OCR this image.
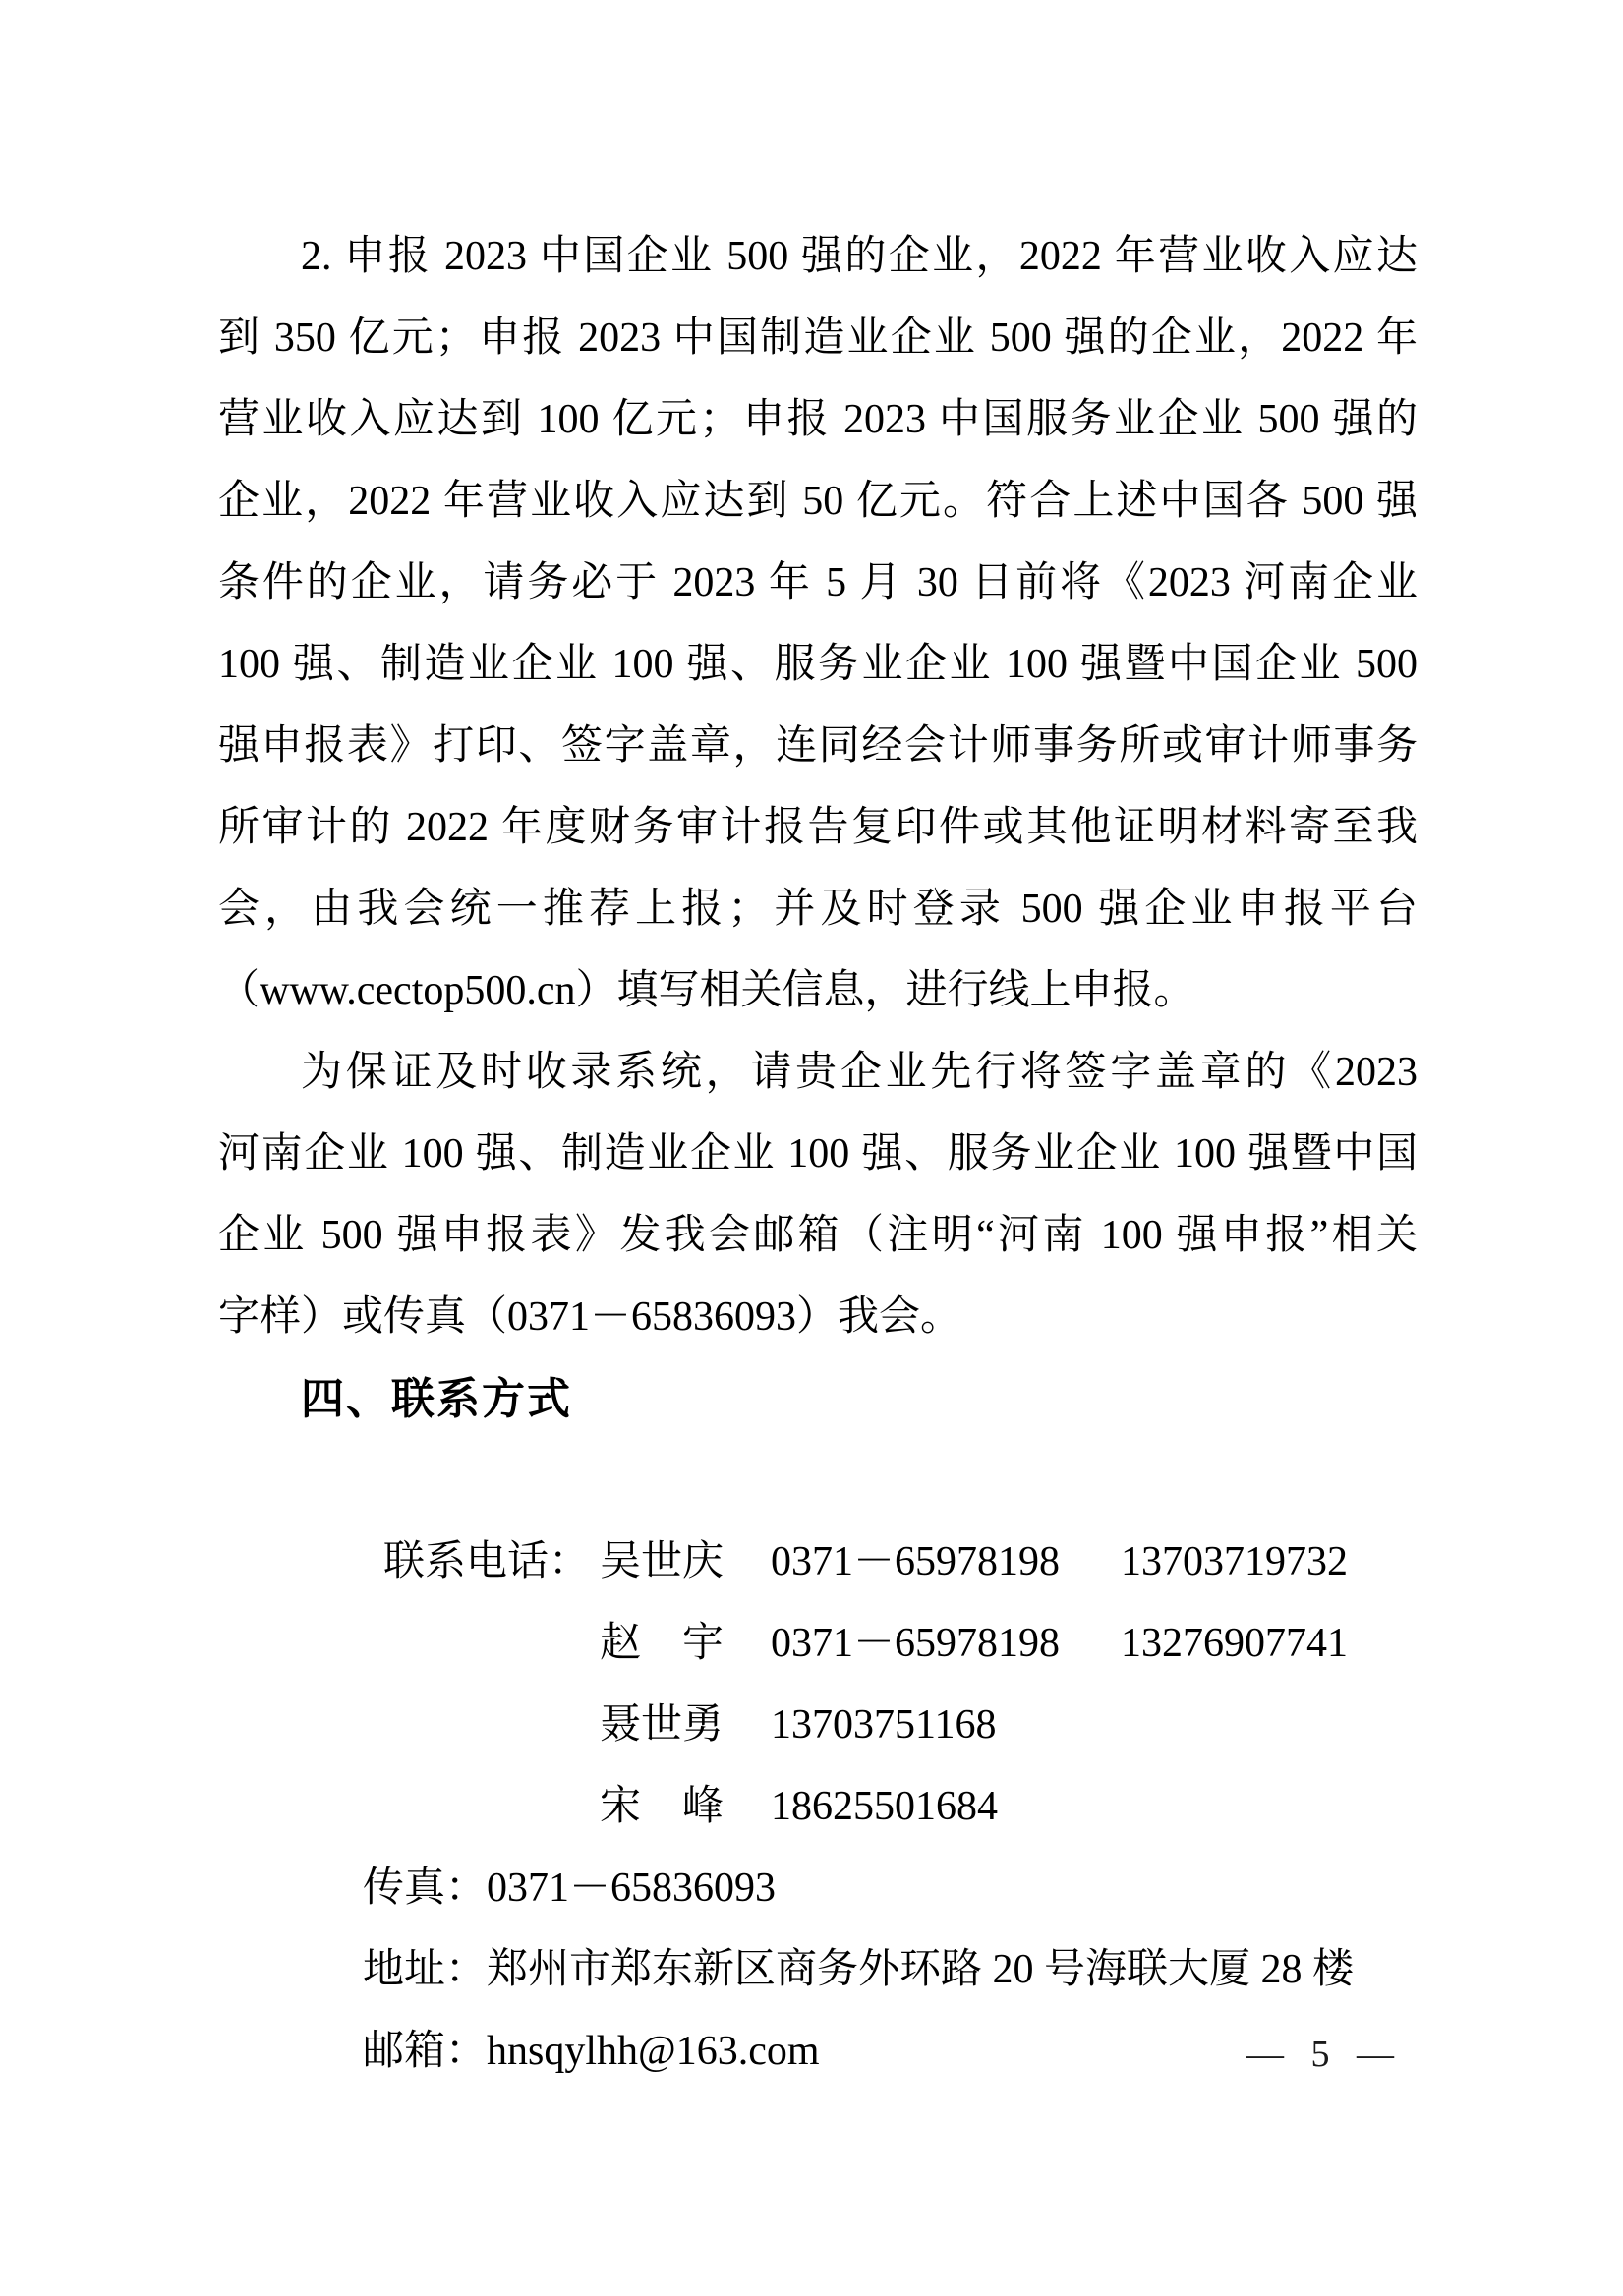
2. 申报 2023 中国企业 500 强的企业，2022 年营业收入应达
到 350 亿元；申报 2023 中国制造业企业 500 强的企业，2022 年
营业收入应达到 100 亿元；申报 2023 中国服务业企业 500 强的
企业，2022 年营业收入应达到 50 亿元。符合上述中国各 500 强
条件的企业，请务必于 2023 年 5 月 30 日前将《2023 河南企业
100 强、制造业企业 100 强、服务业企业 100 强暨中国企业 500
强申报表》打印、签字盖章，连同经会计师事务所或审计师事务
所审计的 2022 年度财务审计报告复印件或其他证明材料寄至我
会，由我会统一推荐上报；并及时登录 500 强企业申报平台
（www.cectop500.cn）填写相关信息，进行线上申报。
为保证及时收录系统，请贵企业先行将签字盖章的《2023
河南企业 100 强、制造业企业 100 强、服务业企业 100 强暨中国
企业 500 强申报表》发我会邮箱（注明“河南 100 强申报”相关
字样）或传真（0371－65836093）我会。
四、联系方式

联系电话： 吴世庆 0371－65978198 13703719732

赵　宇 0371－65978198 13276907741

聂世勇 13703751168

宋　峰 18625501684

传真：0371－65836093

地址：郑州市郑东新区商务外环路 20 号海联大厦 28 楼

邮箱：hnsqylhh@163.com
	— 5 —
